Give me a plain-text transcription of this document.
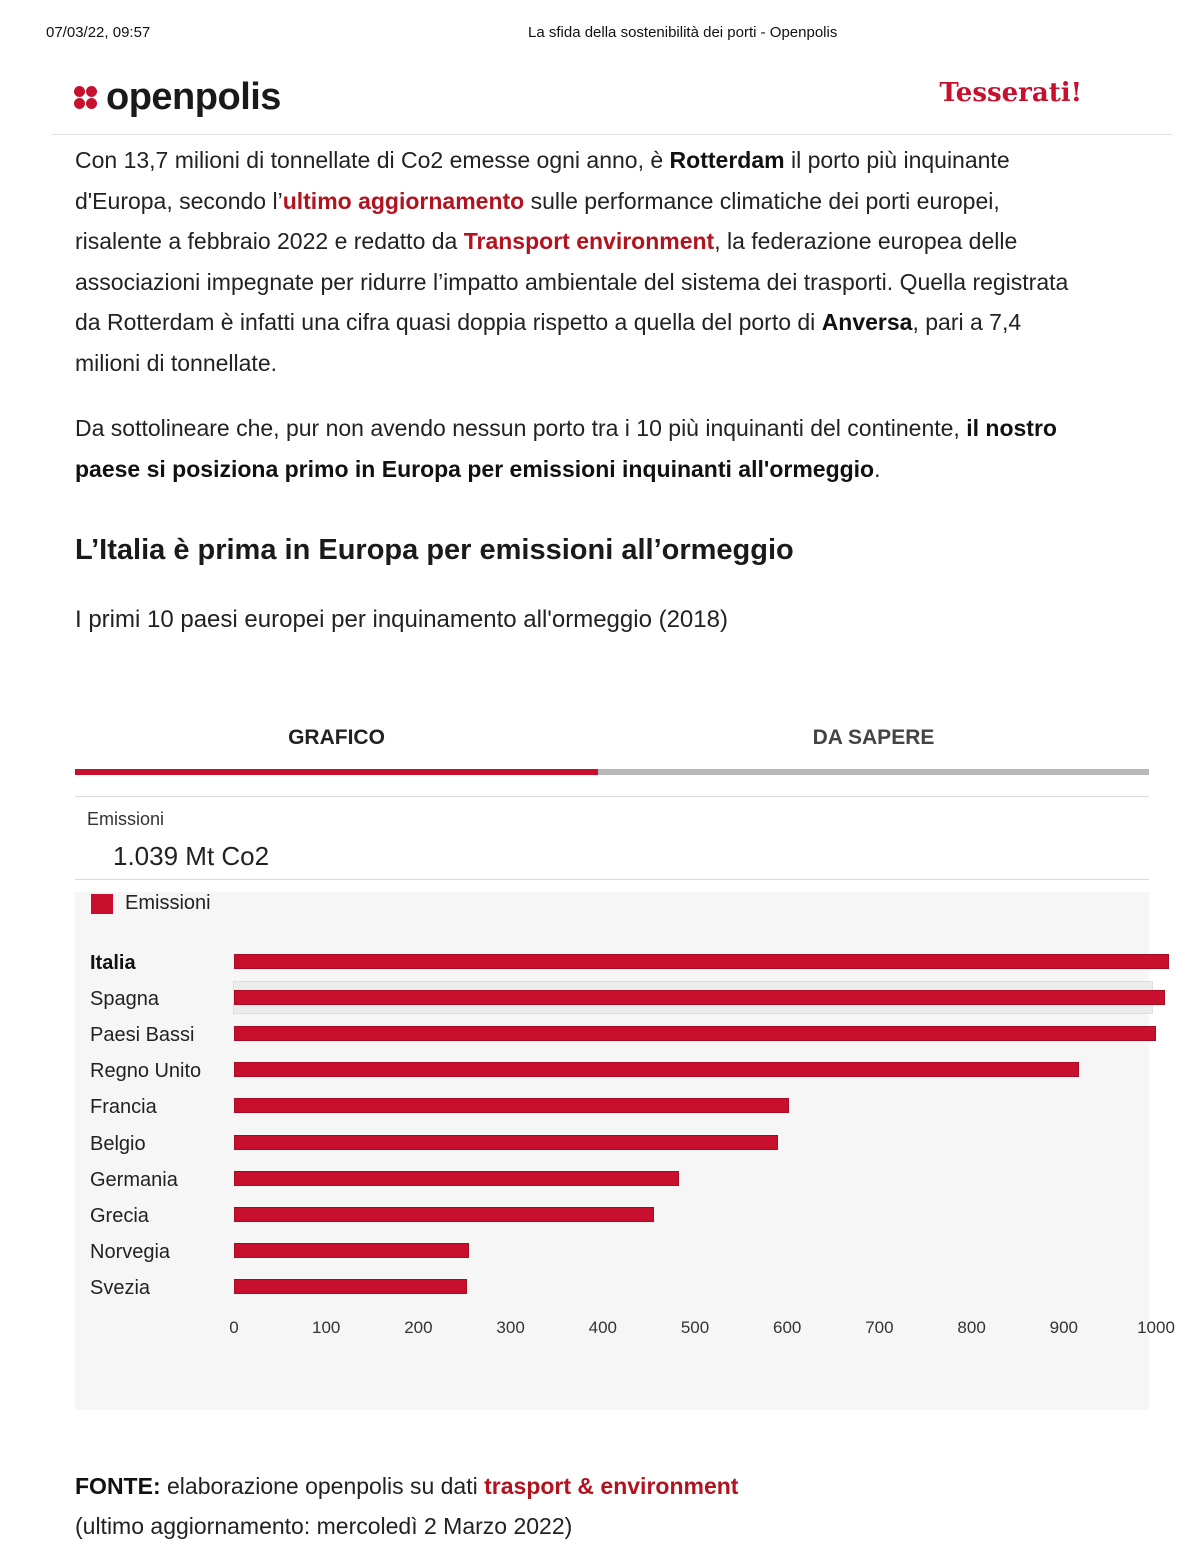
07/03/22, 09:57	La sfida della sostenibilità dei porti - Openpolis
openpolis	Tesserati!

Con 13,7 milioni di tonnellate di Co2 emesse ogni anno, è Rotterdam il porto più inquinante d'Europa, secondo l’ultimo aggiornamento sulle performance climatiche dei porti europei, risalente a febbraio 2022 e redatto da Transport environment, la federazione europea delle associazioni impegnate per ridurre l’impatto ambientale del sistema dei trasporti. Quella registrata da Rotterdam è infatti una cifra quasi doppia rispetto a quella del porto di Anversa, pari a 7,4 milioni di tonnellate.

Da sottolineare che, pur non avendo nessun porto tra i 10 più inquinanti del continente, il nostro paese si posiziona primo in Europa per emissioni inquinanti all'ormeggio.

L’Italia è prima in Europa per emissioni all’ormeggio

I primi 10 paesi europei per inquinamento all'ormeggio (2018)

GRAFICO	DA SAPERE
Emissioni
1.039 Mt Co2
Emissioni
Italia
Spagna
Paesi Bassi
Regno Unito
Francia
Belgio
Germania
Grecia
Norvegia
Svezia
0	100	200	300	400	500	600	700	800	900	1000
FONTE: elaborazione openpolis su dati trasport & environment
(ultimo aggiornamento: mercoledì 2 Marzo 2022)
